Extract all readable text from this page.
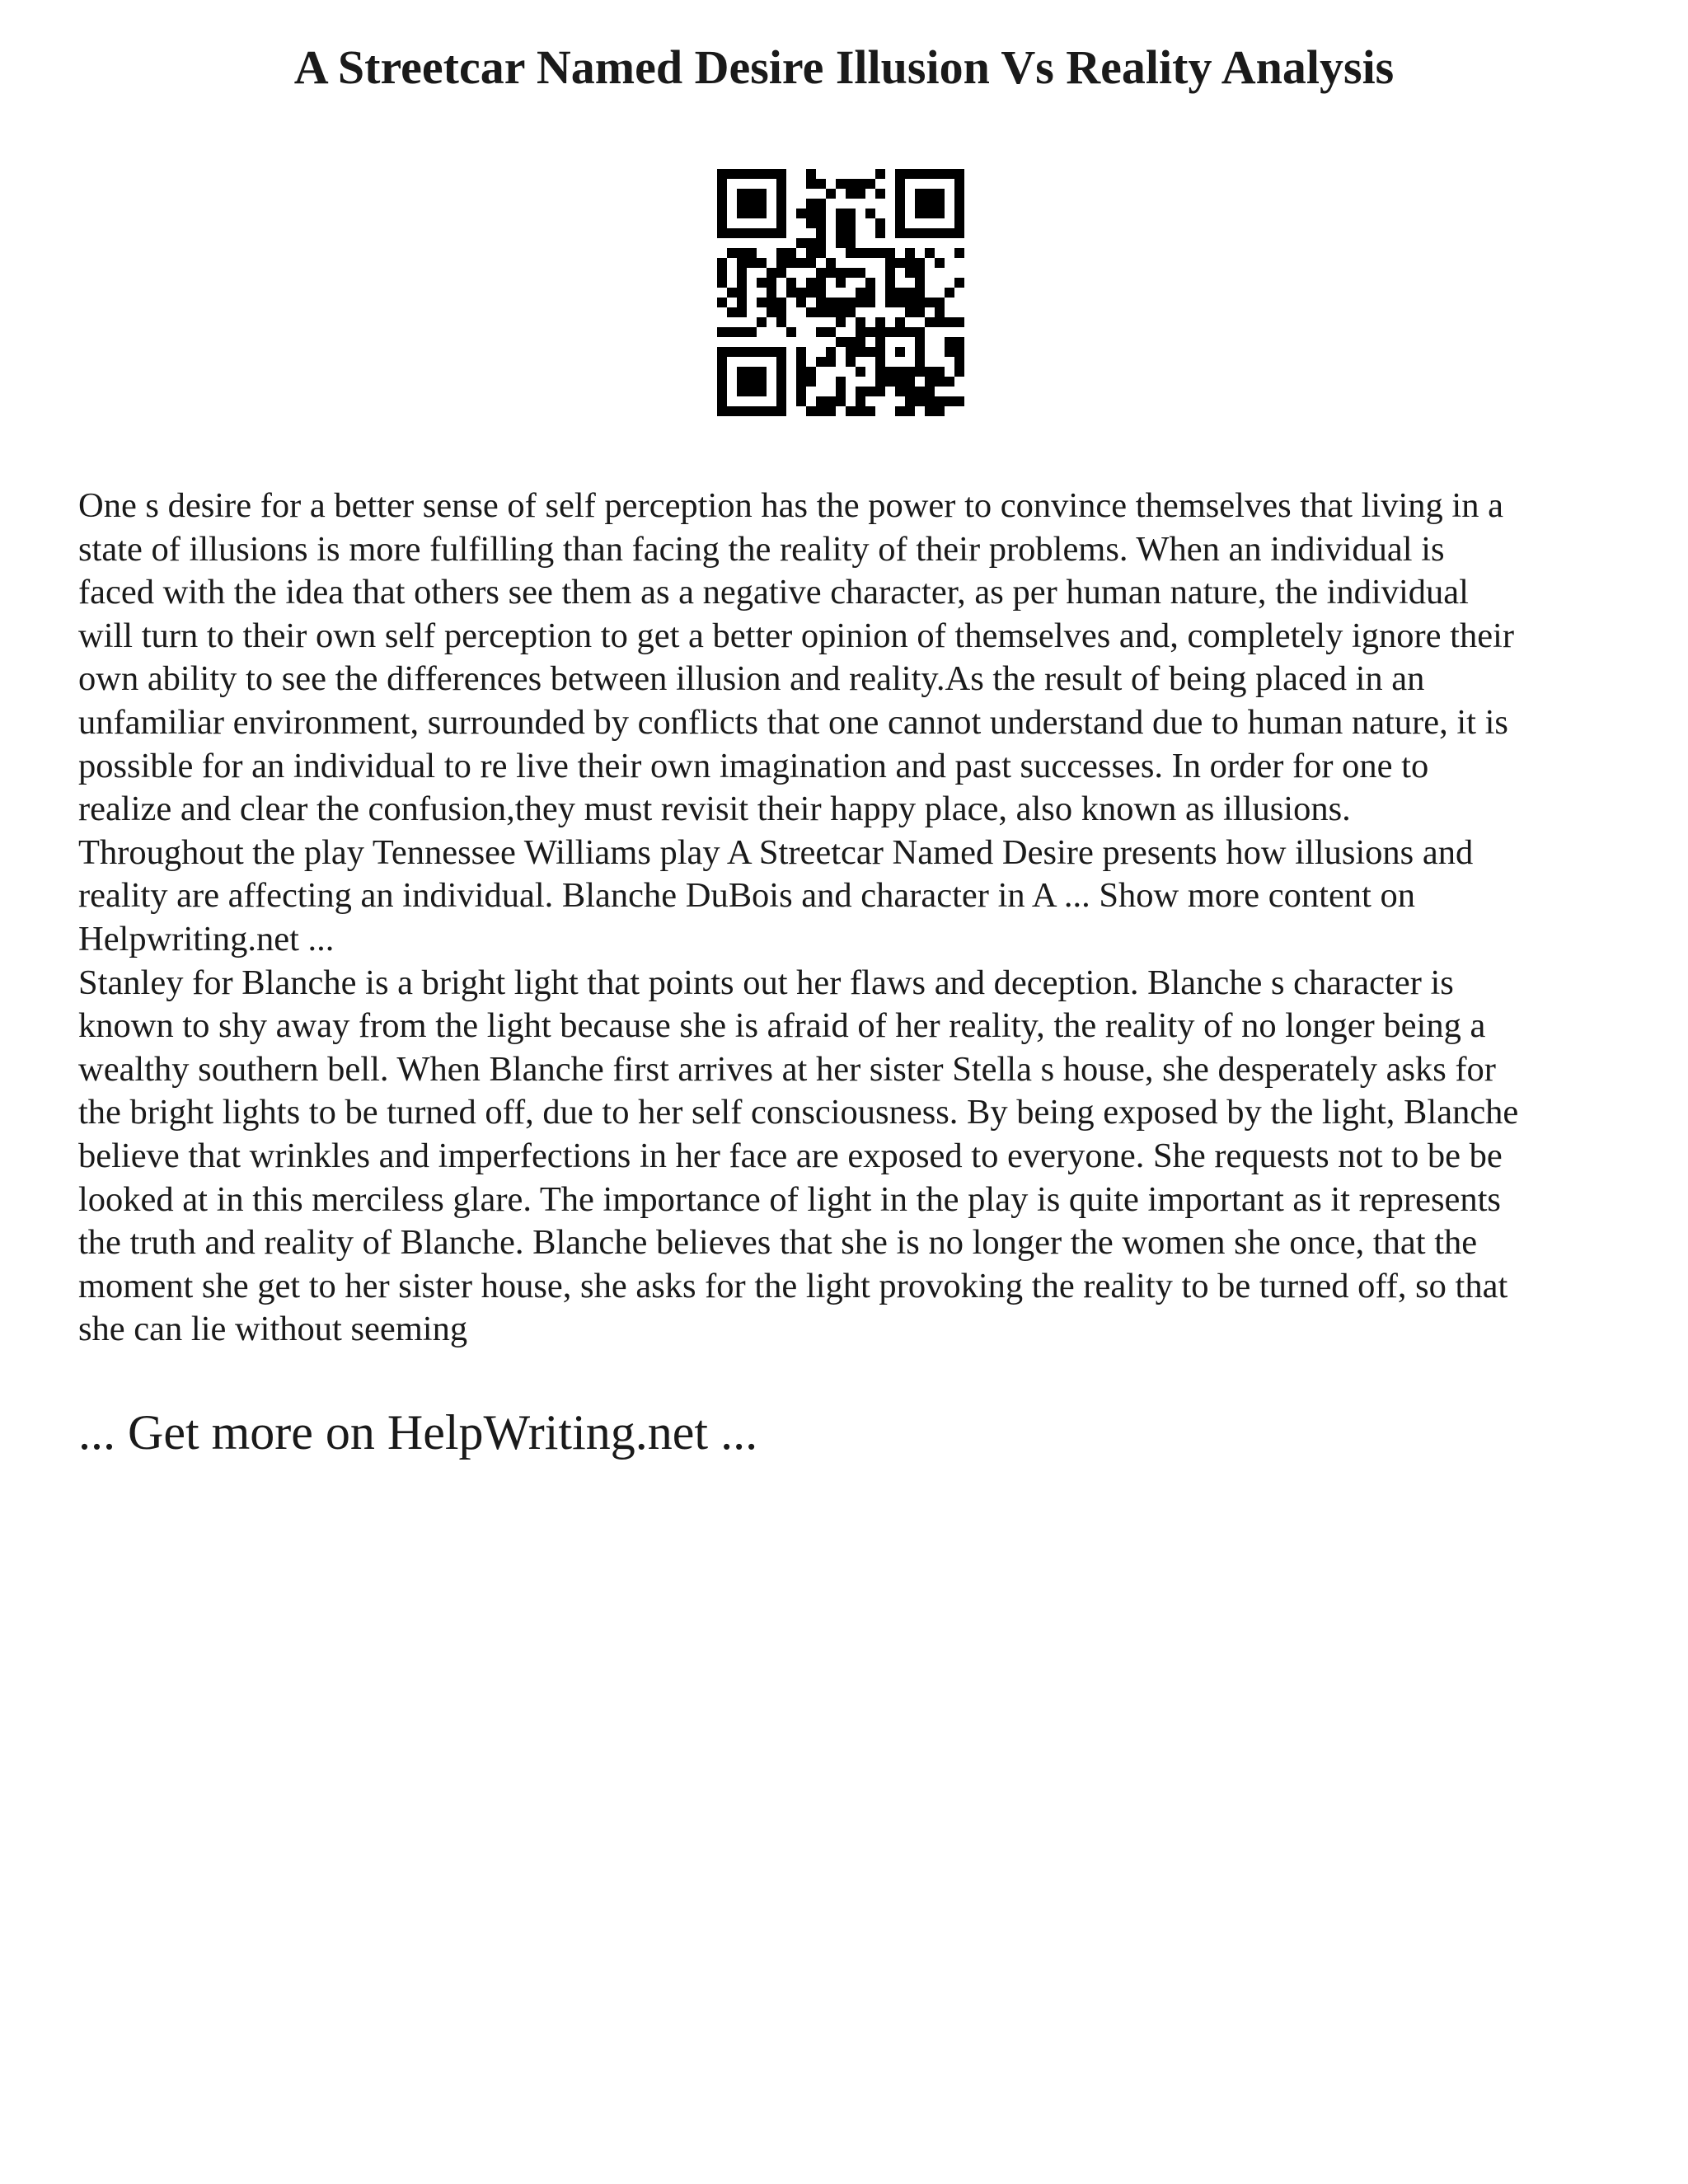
A Streetcar Named Desire Illusion Vs Reality Analysis

One s desire for a better sense of self perception has the power to convince themselves that living in a
state of illusions is more fulfilling than facing the reality of their problems. When an individual is
faced with the idea that others see them as a negative character, as per human nature, the individual
will turn to their own self perception to get a better opinion of themselves and, completely ignore their
own ability to see the differences between illusion and reality.As the result of being placed in an
unfamiliar environment, surrounded by conflicts that one cannot understand due to human nature, it is
possible for an individual to re live their own imagination and past successes. In order for one to
realize and clear the confusion,they must revisit their happy place, also known as illusions.
Throughout the play Tennessee Williams play A Streetcar Named Desire presents how illusions and
reality are affecting an individual. Blanche DuBois and character in A ... Show more content on
Helpwriting.net ...

Stanley for Blanche is a bright light that points out her flaws and deception. Blanche s character is
known to shy away from the light because she is afraid of her reality, the reality of no longer being a
wealthy southern bell. When Blanche first arrives at her sister Stella s house, she desperately asks for
the bright lights to be turned off, due to her self consciousness. By being exposed by the light, Blanche
believe that wrinkles and imperfections in her face are exposed to everyone. She requests not to be be
looked at in this merciless glare. The importance of light in the play is quite important as it represents
the truth and reality of Blanche. Blanche believes that she is no longer the women she once, that the
moment she get to her sister house, she asks for the light provoking the reality to be turned off, so that
she can lie without seeming

... Get more on HelpWriting.net ...
